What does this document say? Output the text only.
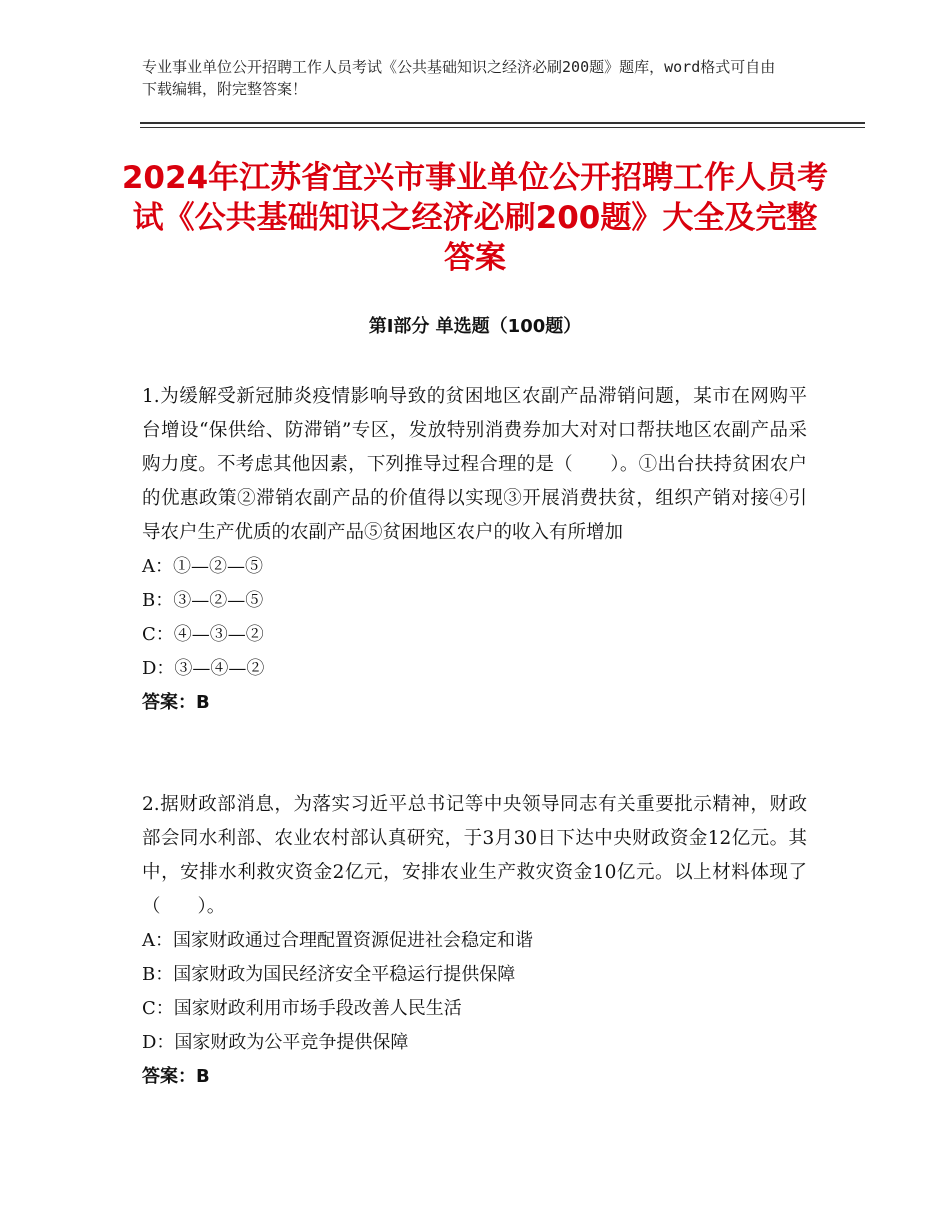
专业事业单位公开招聘工作人员考试《公共基础知识之经济必刷200题》题库，word格式可自由下载编辑，附完整答案！
2024年江苏省宜兴市事业单位公开招聘工作人员考试《公共基础知识之经济必刷200题》大全及完整答案
第Ⅰ部分 单选题（100题）

1.为缓解受新冠肺炎疫情影响导致的贫困地区农副产品滞销问题，某市在网购平台增设“保供给、防滞销”专区，发放特别消费券加大对对口帮扶地区农副产品采购力度。不考虑其他因素，下列推导过程合理的是（　　）。①出台扶持贫困农户的优惠政策②滞销农副产品的价值得以实现③开展消费扶贫，组织产销对接④引导农户生产优质的农副产品⑤贫困地区农户的收入有所增加

A：①—②—⑤

B：③—②—⑤

C：④—③—②

D：③—④—②

答案：B

2.据财政部消息，为落实习近平总书记等中央领导同志有关重要批示精神，财政部会同水利部、农业农村部认真研究，于3月30日下达中央财政资金12亿元。其中，安排水利救灾资金2亿元，安排农业生产救灾资金10亿元。以上材料体现了（　　）。

A：国家财政通过合理配置资源促进社会稳定和谐

B：国家财政为国民经济安全平稳运行提供保障

C：国家财政利用市场手段改善人民生活

D：国家财政为公平竞争提供保障

答案：B
